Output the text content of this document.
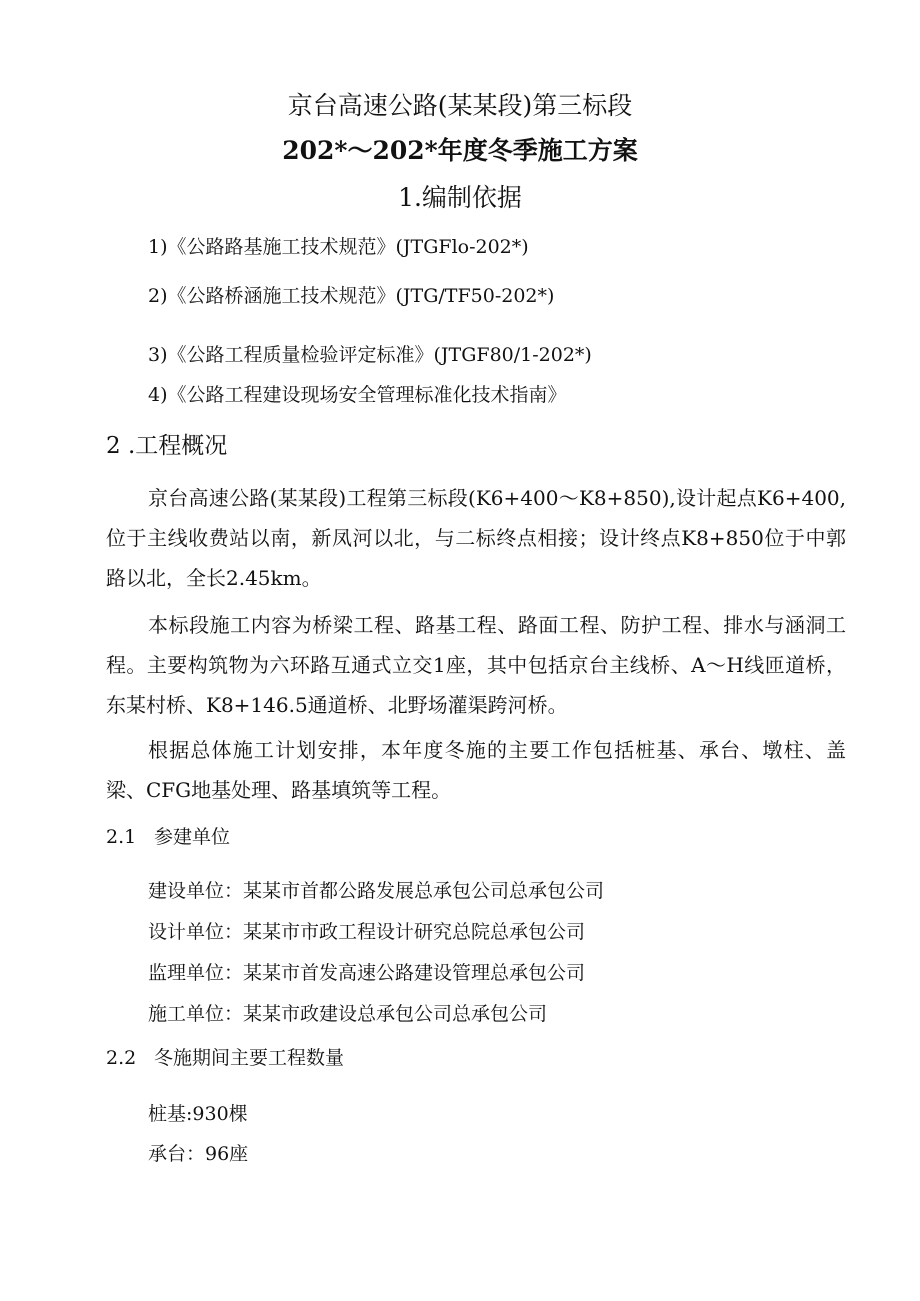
京台高速公路(某某段)第三标段

202*～202*年度冬季施工方案

1.编制依据

1)《公路路基施工技术规范》(JTGFlo-202*)

2)《公路桥涵施工技术规范》(JTG/TF50-202*)

3)《公路工程质量检验评定标准》(JTGF80/1-202*)

4)《公路工程建设现场安全管理标准化技术指南》

2 .工程概况

京台高速公路(某某段)工程第三标段(K6+400～K8+850),设计起点K6+400,位于主线收费站以南，新凤河以北，与二标终点相接；设计终点K8+850位于中郭路以北，全长2.45km。

本标段施工内容为桥梁工程、路基工程、路面工程、防护工程、排水与涵洞工程。主要构筑物为六环路互通式立交1座，其中包括京台主线桥、A～H线匝道桥，东某村桥、K8+146.5通道桥、北野场灌渠跨河桥。

根据总体施工计划安排，本年度冬施的主要工作包括桩基、承台、墩柱、盖梁、CFG地基处理、路基填筑等工程。

2.1 参建单位

建设单位：某某市首都公路发展总承包公司总承包公司

设计单位：某某市市政工程设计研究总院总承包公司

监理单位：某某市首发高速公路建设管理总承包公司

施工单位：某某市政建设总承包公司总承包公司

2.2 冬施期间主要工程数量

桩基:930棵

承台：96座
